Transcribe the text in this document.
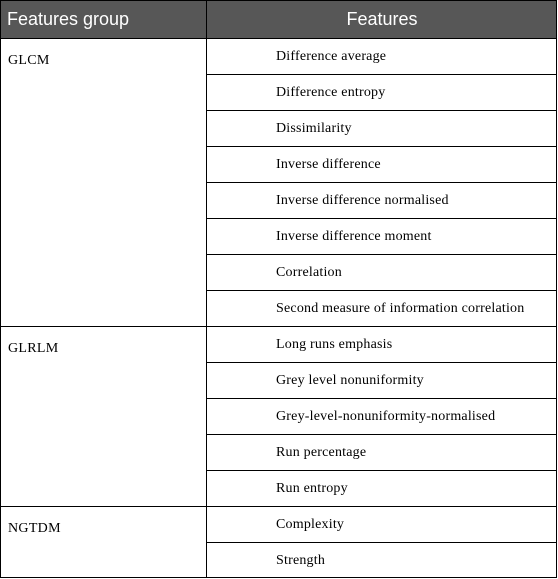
Features group	Features
GLCM	Difference average
Difference entropy
Dissimilarity
Inverse difference
Inverse difference normalised
Inverse difference moment
Correlation
Second measure of information correlation
GLRLM	Long runs emphasis
Grey level nonuniformity
Grey-level-nonuniformity-normalised
Run percentage
Run entropy
NGTDM	Complexity
Strength
